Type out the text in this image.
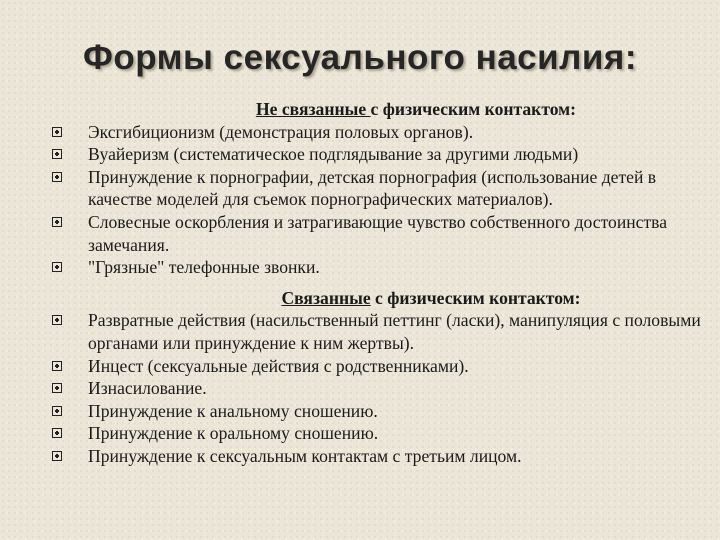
Формы сексуального насилия:
Не связанные с физическим контактом:
Эксгибиционизм (демонстрация половых органов).
Вуайеризм (систематическое подглядывание за другими людьми)
Принуждение к порнографии, детская порнография (использование детей в качестве моделей для съемок порнографических материалов).
Словесные оскорбления и затрагивающие чувство собственного достоинства замечания.
"Грязные" телефонные звонки.
Связанные с физическим контактом:
Развратные действия (насильственный петтинг (ласки), манипуляция с половыми органами или принуждение к ним жертвы).
Инцест (сексуальные действия с родственниками).
Изнасилование.
Принуждение к анальному сношению.
Принуждение к оральному сношению.
Принуждение к сексуальным контактам с третьим лицом.
